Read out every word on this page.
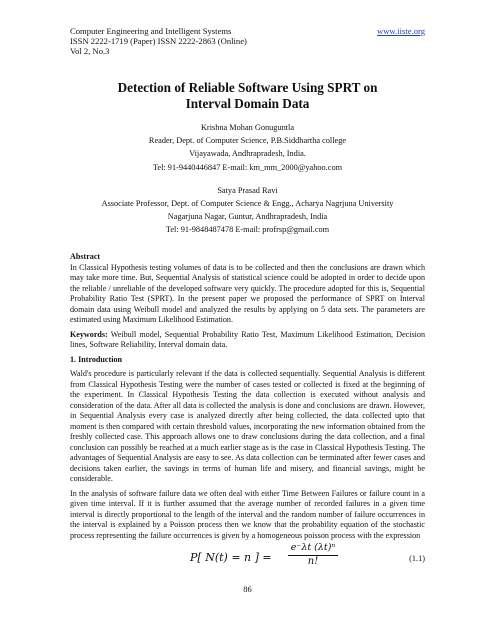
Computer Engineering and Intelligent Systems
ISSN 2222-1719 (Paper) ISSN 2222-2863 (Online)
Vol 2, No.3
www.iiste.org
Detection of Reliable Software Using SPRT on
Interval Domain Data
Krishna Mohan Gonuguntla
Reader, Dept. of Computer Science, P.B.Siddhartha college
Vijayawada, Andhrapradesh, India.
Tel: 91-9440446847 E-mail: km_mm_2000@yahoo.com
Satya Prasad Ravi
Associate Professor, Dept. of Computer Science & Engg., Acharya Nagrjuna University
Nagarjuna Nagar, Guntur, Andhrapradesh, India
Tel: 91-9848487478 E-mail: profrsp@gmail.com

Abstract

In Classical Hypothesis testing volumes of data is to be collected and then the conclusions are drawn which may take more time. But, Sequential Analysis of statistical science could be adopted in order to decide upon the reliable / unreliable of the developed software very quickly. The procedure adopted for this is, Sequential Probability Ratio Test (SPRT). In the present paper we proposed the performance of SPRT on Interval domain data using Weibull model and analyzed the results by applying on 5 data sets. The parameters are estimated using Maximum Likelihood Estimation.

Keywords: Weibull model, Sequential Probability Ratio Test, Maximum Likelihood Estimation, Decision lines, Software Reliability, Interval domain data.

1. Introduction

Wald's procedure is particularly relevant if the data is collected sequentially. Sequential Analysis is different from Classical Hypothesis Testing were the number of cases tested or collected is fixed at the beginning of the experiment. In Classical Hypothesis Testing the data collection is executed without analysis and consideration of the data. After all data is collected the analysis is done and conclusions are drawn. However, in Sequential Analysis every case is analyzed directly after being collected, the data collected upto that moment is then compared with certain threshold values, incorporating the new information obtained from the freshly collected case. This approach allows one to draw conclusions during the data collection, and a final conclusion can possibly be reached at a much earlier stage as is the case in Classical Hypothesis Testing. The advantages of Sequential Analysis are easy to see. As data collection can be terminated after fewer cases and decisions taken earlier, the savings in terms of human life and misery, and financial savings, might be considerable.

In the analysis of software failure data we often deal with either Time Between Failures or failure count in a given time interval. If it is further assumed that the average number of recorded failures in a given time interval is directly proportional to the length of the interval and the random number of failure occurrences in the interval is explained by a Poisson process then we know that the probability equation of the stochastic process representing the failure occurrences is given by a homogeneous poisson process with the expression

P[ N(t) = n ] = $\frac{\text{e⁻λt (λt)ⁿ}}{n!}$	(1.1)
86
